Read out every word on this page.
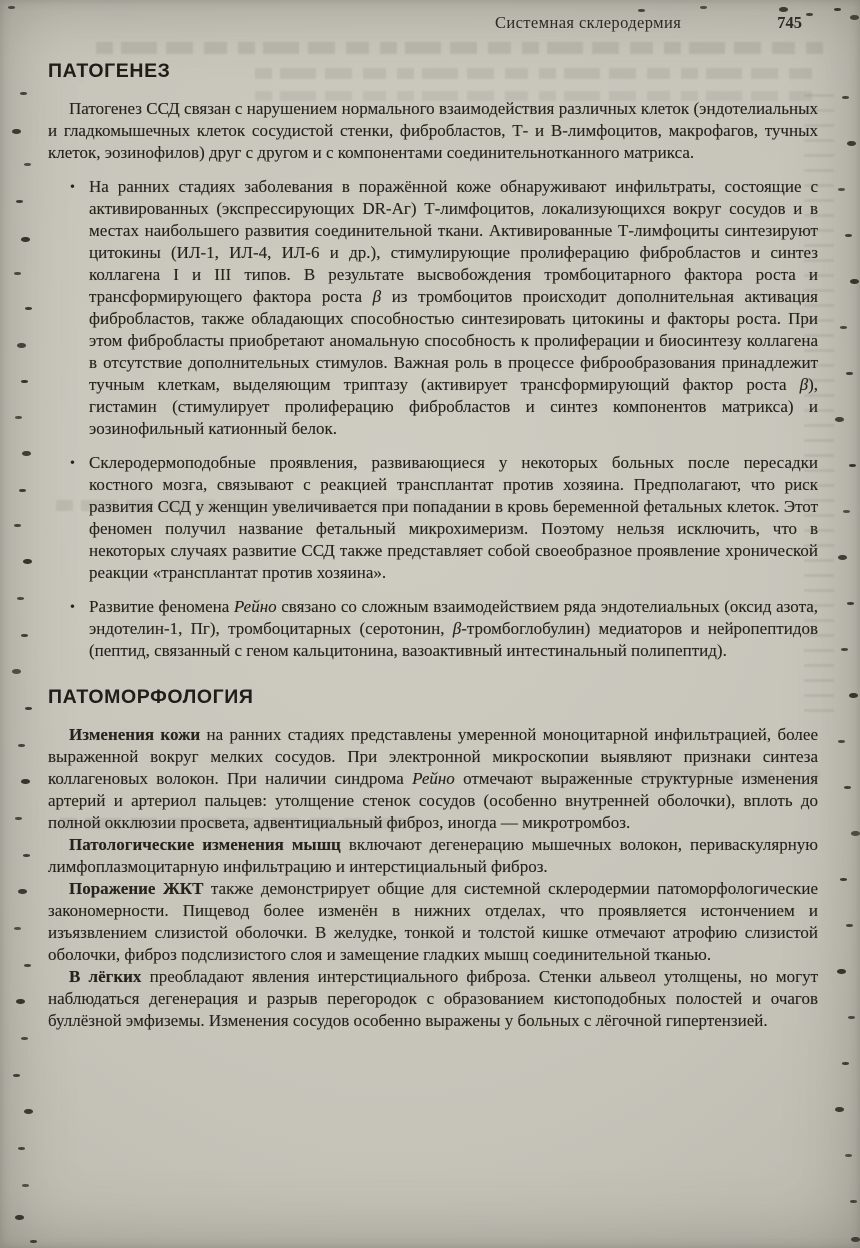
Системная склеродермия	745
ПАТОГЕНЕЗ

Патогенез ССД связан с нарушением нормального взаимодействия различных клеток (эндотелиальных и гладкомышечных клеток сосудистой стенки, фибробластов, Т- и В-лимфоцитов, макрофагов, тучных клеток, эозинофилов) друг с другом и с компонентами соединительнотканного матрикса.

• На ранних стадиях заболевания в поражённой коже обнаруживают инфильтраты, состоящие с активированных (экспрессирующих DR-Аг) Т-лимфоцитов, локализующихся вокруг сосудов и в местах наибольшего развития соединительной ткани. Активированные Т-лимфоциты синтезируют цитокины (ИЛ-1, ИЛ-4, ИЛ-6 и др.), стимулирующие пролиферацию фибробластов и синтез коллагена I и III типов. В результате высвобождения тромбоцитарного фактора роста и трансформирующего фактора роста β из тромбоцитов происходит дополнительная активация фибробластов, также обладающих способностью синтезировать цитокины и факторы роста. При этом фибробласты приобретают аномальную способность к пролиферации и биосинтезу коллагена в отсутствие дополнительных стимулов. Важная роль в процессе фиброобразования принадлежит тучным клеткам, выделяющим триптазу (активирует трансформирующий фактор роста β), гистамин (стимулирует пролиферацию фибробластов и синтез компонентов матрикса) и эозинофильный катионный белок.

• Склеродермоподобные проявления, развивающиеся у некоторых больных после пересадки костного мозга, связывают с реакцией трансплантат против хозяина. Предполагают, что риск развития ССД у женщин увеличивается при попадании в кровь беременной фетальных клеток. Этот феномен получил название фетальный микрохимеризм. Поэтому нельзя исключить, что в некоторых случаях развитие ССД также представляет собой своеобразное проявление хронической реакции «трансплантат против хозяина».

• Развитие феномена Рейно связано со сложным взаимодействием ряда эндотелиальных (оксид азота, эндотелин-1, Пг), тромбоцитарных (серотонин, β-тромбоглобулин) медиаторов и нейропептидов (пептид, связанный с геном кальцитонина, вазоактивный интестинальный полипептид).

ПАТОМОРФОЛОГИЯ

Изменения кожи на ранних стадиях представлены умеренной моноцитарной инфильтрацией, более выраженной вокруг мелких сосудов. При электронной микроскопии выявляют признаки синтеза коллагеновых волокон. При наличии синдрома Рейно отмечают выраженные структурные изменения артерий и артериол пальцев: утолщение стенок сосудов (особенно внутренней оболочки), вплоть до полной окклюзии просвета, адвентициальный фиброз, иногда — микротромбоз.

Патологические изменения мышц включают дегенерацию мышечных волокон, периваскулярную лимфоплазмоцитарную инфильтрацию и интерстициальный фиброз.

Поражение ЖКТ также демонстрирует общие для системной склеродермии патоморфологические закономерности. Пищевод более изменён в нижних отделах, что проявляется истончением и изъязвлением слизистой оболочки. В желудке, тонкой и толстой кишке отмечают атрофию слизистой оболочки, фиброз подслизистого слоя и замещение гладких мышц соединительной тканью.

В лёгких преобладают явления интерстициального фиброза. Стенки альвеол утолщены, но могут наблюдаться дегенерация и разрыв перегородок с образованием кистоподобных полостей и очагов буллёзной эмфиземы. Изменения сосудов особенно выражены у больных с лёгочной гипертензией.
